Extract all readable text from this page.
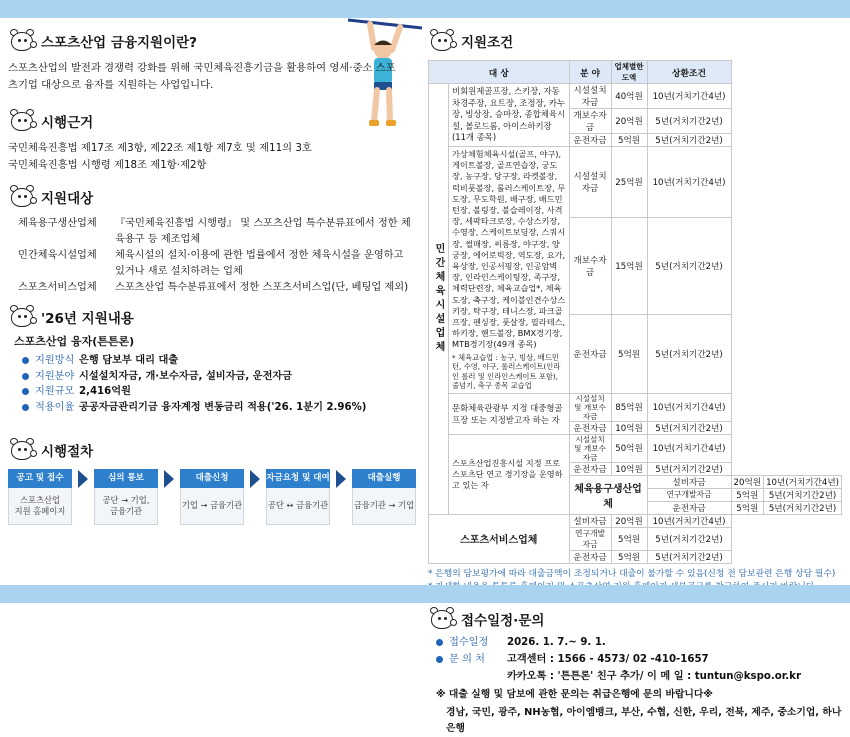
스포츠산업 금융지원이란?

스포츠산업의 발전과 경쟁력 강화를 위해 국민체육진흥기금을 활용하여 영세·중소 스포츠기업 대상으로 융자를 지원하는 사업입니다.

시행근거

국민체육진흥법 제17조 제3항, 제22조 제1항 제7호 및 제11의 3호

국민체육진흥법 시행령 제18조 제1항·제2항

지원대상
체육용구생산업체	『국민체육진흥법 시행령』 및 스포츠산업 특수분류표에서 정한 체육용구 등 제조업체
민간체육시설업체	체육시설의 설치·이용에 관한 법률에서 정한 체육시설을 운영하고 있거나 새로 설치하려는 업체
스포츠서비스업체	스포츠산업 특수분류표에서 정한 스포츠서비스업(단, 베팅업 제외)
'26년 지원내용
스포츠산업 융자(튼튼론)
지원방식 은행 담보부 대리 대출
지원분야 시설설치자금, 개·보수자금, 설비자금, 운전자금
지원규모 2,416억원
적용이율 공공자금관리기금 융자계정 변동금리 적용('26. 1분기 2.96%)
시행절차
공고 및 접수
스포츠산업
지원 홈페이지
심의 통보
공단 → 기업,
금융기관
대출신청
기업 → 금융기관
자금요청 및 대여
공단 ↔ 금융기관
대출실행
금융기관 → 기업
지원조건
대 상		분 야	업체별한도액	상환조건		
민간체육시설업체	비회원제골프장, 스키장, 자동차경주장, 요트장, 조정장, 카누장, 빙상장, 승마장, 종합체육시설, 볼로드롬, 아이스하키장(11개 종목)	시설설치자금	40억원	10년(거치기간4년)		
		개보수자금	20억원	5년(거치기간2년)		
		운전자금	5억원	5년(거치기간2년)		
	가상체험체육시설(골프, 야구), 게이트볼장, 골프연습장, 궁도장, 농구장, 당구장, 라켓볼장, 럭비풋볼장, 롤러스케이트장, 무도장, 무도학원, 배구장, 배드민턴장, 볼링장, 볼슬레이장, 사격장, 세팍타크로장, 수상스키장, 수영장, 스케이트보딩장, 스쿼시장, 썰매장, 씨름장, 야구장, 양궁장, 에어로빅장, 역도장, 요가, 육상장, 인공서핑장, 인공암벽장, 인라인스케이팅장, 족구장, 체력단련장, 체육교습업*, 체육도장, 축구장, 케이블인견수상스키장, 탁구장, 테니스장, 파크골프장, 펜싱장, 풋살장, 필라테스, 하키장, 핸드볼장, BMX경기장, MTB경기장(49개 종목)
* 체육교습업 : 농구, 빙상, 배드민턴, 수영, 야구, 롤러스케이트(인라인 롤러 및 인라인스케이트 포함), 줄넘기, 축구 종목 교습업	시설설치자금	25억원	10년(거치기간4년)		
		개보수자금	15억원	5년(거치기간2년)		
		운전자금	5억원	5년(거치기간2년)		
	문화체육관광부 지정 대중형골프장 또는 지정받고자 하는 자	시설설치 및 개보수자금	85억원	10년(거치기간4년)		
		운전자금	10억원	5년(거치기간2년)		
	스포츠산업진흥시설 지정 프로스포츠단 연고 경기장을 운영하고 있는 자	시설설치 및 개보수자금	50억원	10년(거치기간4년)		
		운전자금	10억원	5년(거치기간2년)		
		체육용구생산업체		설비자금	20억원	10년(거치기간4년)
				연구개발자금	5억원	5년(거치기간2년)
				운전자금	5억원	5년(거치기간2년)
스포츠서비스업체		설비자금	20억원	10년(거치기간4년)		
		연구개발자금	5억원	5년(거치기간2년)		
		운전자금	5억원	5년(거치기간2년)		
* 은행의 담보평가에 따라 대출금액이 조정되거나 대출이 불가할 수 있음(신청 전 담보관련 은행 상담 필수)
접수일정·문의
접수일정	2026. 1. 7.~ 9. 1.
문 의 처	고객센터 : 1566 - 4573/ 02 -410-1657
카카오톡 : '튼튼론' 친구 추가/ 이 메 일 : tuntun@kspo.or.kr
※ 대출 실행 및 담보에 관한 문의는 취급은행에 문의 바랍니다※
경남, 국민, 광주, NH농협, 아이엠뱅크, 부산, 수협, 신한, 우리, 전북, 제주, 중소기업, 하나은행
